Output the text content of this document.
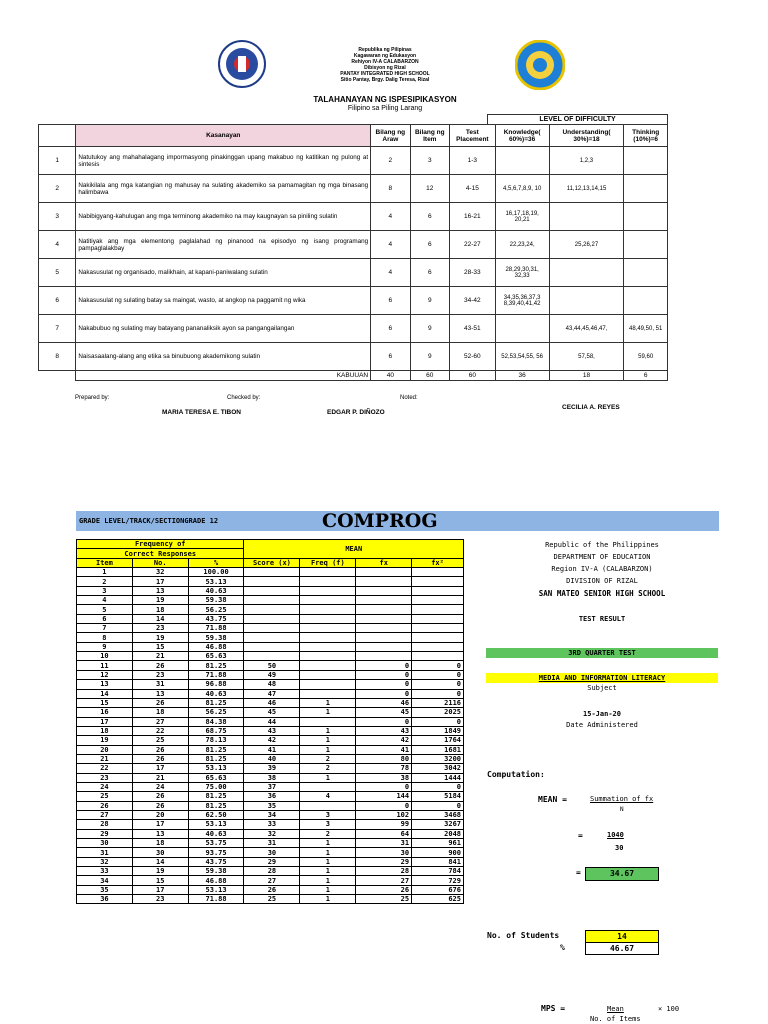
Republika ng Pilipinas
Kagawaran ng Edukasyon
Rehiyon IV-A CALABARZON
Dibisyon ng Rizal
PANTAY INTEGRATED HIGH SCHOOL
Sitio Pantay, Brgy. Dalig Teresa, Rizal
TALAHANAYAN NG ISPESIPIKASYON
Filipino sa Piling Larang
LEVEL OF DIFFICULTY
	Kasanayan	Bilang ng Araw	Bilang ng Item	Test Placement	Knowledge( 60%)=36	Understanding( 30%)=18	Thinking (10%)=6
1	Natutukoy ang mahahalagang impormasyong pinakinggan upang makabuo ng katitikan ng pulong at sintesis	2	3	1-3		1,2,3	
2	Nakikilala ang mga katangian ng mahusay na sulating akademiko sa pamamagitan ng mga binasang halimbawa	8	12	4-15	4,5,6,7,8,9, 10	11,12,13,14,15	
3	Nabibigyang-kahulugan ang mga terminong akademiko na may kaugnayan sa piniling sulatin	4	6	16-21	16,17,18,19, 20,21		
4	Natitiyak ang mga elementong paglalahad ng pinanood na episodyo ng isang programang pampaglalakbay	4	6	22-27	22,23,24,	25,26,27	
5	Nakasusulat ng organisado, malikhain, at kapani-paniwalang sulatin	4	6	28-33	28,29,30,31, 32,33		
6	Nakasusulat ng sulating batay sa maingat, wasto, at angkop na paggamit ng wika	6	9	34-42	34,35,36,37,3 8,39,40,41,42		
7	Nakabubuo ng sulating may batayang pananaliksik ayon sa pangangailangan	6	9	43-51		43,44,45,46,47,	48,49,50, 51
8	Naisasaalang-alang ang etika sa binubuong akademikong sulatin	6	9	52-60	52,53,54,55, 56	57,58,	59,60
	KABUUAN	40	60	60	36	18	6
Prepared by:	Checked by:	Noted:
MARIA TERESA E. TIBON	EDGAR P. DIÑOZO
CECILIA A. REYES
GRADE LEVEL/TRACK/SECTIONGRADE 12	COMPROG
Frequency of			MEAN			
Correct Responses						
Item	No.	%	Score (x)	Freq (f)	fx	fx²
1	32	100.00				
2	17	53.13				
3	13	40.63				
4	19	59.38				
5	18	56.25				
6	14	43.75				
7	23	71.88				
8	19	59.38				
9	15	46.88				
10	21	65.63				
11	26	81.25	50		0	0
12	23	71.88	49		0	0
13	31	96.88	48		0	0
14	13	40.63	47		0	0
15	26	81.25	46	1	46	2116
16	18	56.25	45	1	45	2025
17	27	84.38	44		0	0
18	22	68.75	43	1	43	1849
19	25	78.13	42	1	42	1764
20	26	81.25	41	1	41	1681
21	26	81.25	40	2	80	3200
22	17	53.13	39	2	78	3042
23	21	65.63	38	1	38	1444
24	24	75.00	37		0	0
25	26	81.25	36	4	144	5184
26	26	81.25	35		0	0
27	20	62.50	34	3	102	3468
28	17	53.13	33	3	99	3267
29	13	40.63	32	2	64	2048
30	18	53.75	31	1	31	961
31	30	93.75	30	1	30	900
32	14	43.75	29	1	29	841
33	19	59.38	28	1	28	784
34	15	46.88	27	1	27	729
35	17	53.13	26	1	26	676
36	23	71.88	25	1	25	625
Republic of the Philippines
DEPARTMENT OF EDUCATION
Region IV-A (CALABARZON)
DIVISION OF RIZAL
SAN MATEO SENIOR HIGH SCHOOL
TEST RESULT
3RD QUARTER TEST
MEDIA AND INFORMATION LITERACY
Subject
15-Jan-20
Date Administered
Computation:
MEAN =	Summation of fx
N
=	1040
30
=	34.67
No. of Students
%
14
46.67
MPS =	Mean	× 100
No. of Items
